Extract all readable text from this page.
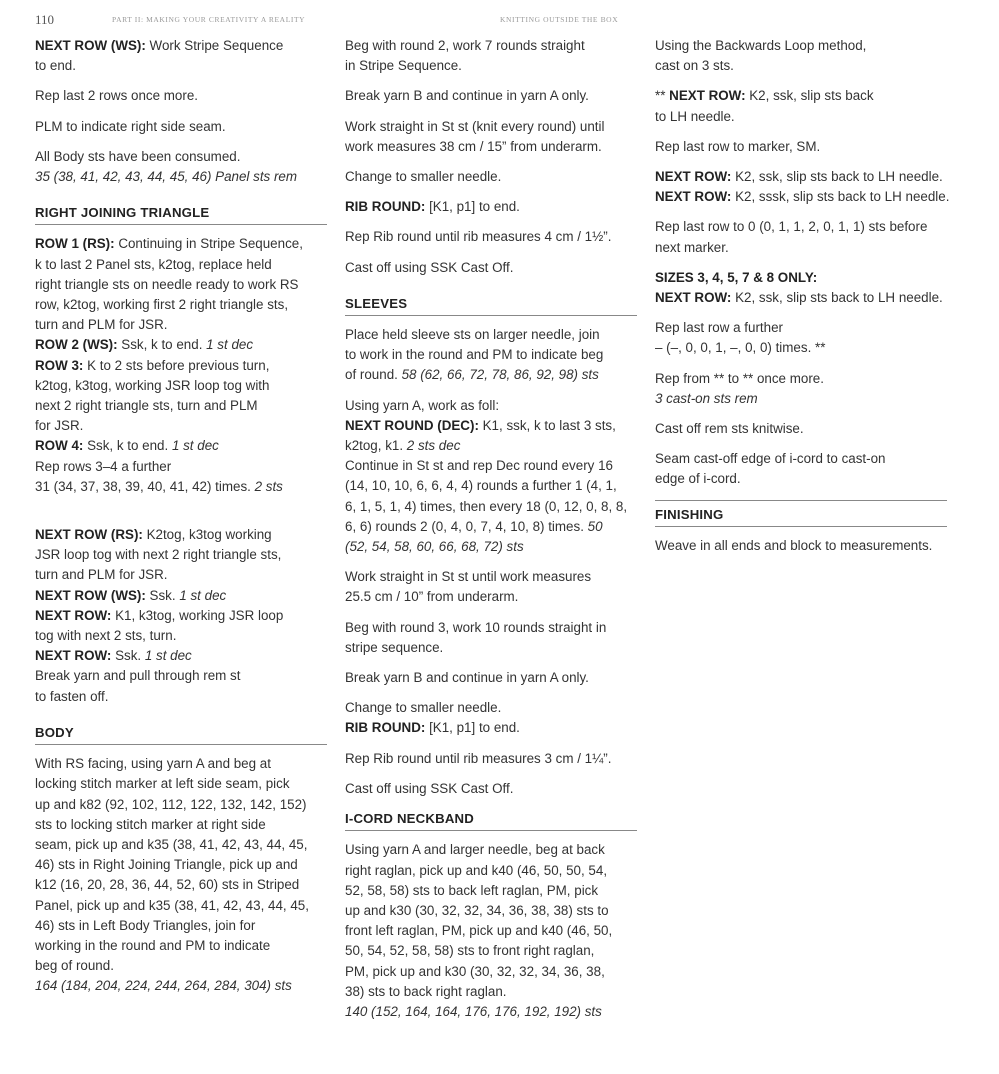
110	PART II: MAKING YOUR CREATIVITY A REALITY	KNITTING OUTSIDE THE BOX

NEXT ROW (WS): Work Stripe Sequence
to end.

Rep last 2 rows once more.

PLM to indicate right side seam.

All Body sts have been consumed.
35 (38, 41, 42, 43, 44, 45, 46) Panel sts rem

RIGHT JOINING TRIANGLE

ROW 1 (RS): Continuing in Stripe Sequence,
k to last 2 Panel sts, k2tog, replace held
right triangle sts on needle ready to work RS
row, k2tog, working first 2 right triangle sts,
turn and PLM for JSR.
ROW 2 (WS): Ssk, k to end. 1 st dec
ROW 3: K to 2 sts before previous turn,
k2tog, k3tog, working JSR loop tog with
next 2 right triangle sts, turn and PLM
for JSR.
ROW 4: Ssk, k to end. 1 st dec
Rep rows 3–4 a further
31 (34, 37, 38, 39, 40, 41, 42) times. 2 sts

NEXT ROW (RS): K2tog, k3tog working
JSR loop tog with next 2 right triangle sts,
turn and PLM for JSR.
NEXT ROW (WS): Ssk. 1 st dec
NEXT ROW: K1, k3tog, working JSR loop
tog with next 2 sts, turn.
NEXT ROW: Ssk. 1 st dec
Break yarn and pull through rem st
to fasten off.

BODY

With RS facing, using yarn A and beg at
locking stitch marker at left side seam, pick
up and k82 (92, 102, 112, 122, 132, 142, 152)
sts to locking stitch marker at right side
seam, pick up and k35 (38, 41, 42, 43, 44, 45,
46) sts in Right Joining Triangle, pick up and
k12 (16, 20, 28, 36, 44, 52, 60) sts in Striped
Panel, pick up and k35 (38, 41, 42, 43, 44, 45,
46) sts in Left Body Triangles, join for
working in the round and PM to indicate
beg of round.
164 (184, 204, 224, 244, 264, 284, 304) sts

Beg with round 2, work 7 rounds straight
in Stripe Sequence.

Break yarn B and continue in yarn A only.

Work straight in St st (knit every round) until
work measures 38 cm / 15” from underarm.

Change to smaller needle.

RIB ROUND: [K1, p1] to end.

Rep Rib round until rib measures 4 cm / 1½”.

Cast off using SSK Cast Off.

SLEEVES

Place held sleeve sts on larger needle, join
to work in the round and PM to indicate beg
of round. 58 (62, 66, 72, 78, 86, 92, 98) sts

Using yarn A, work as foll:
NEXT ROUND (DEC): K1, ssk, k to last 3 sts,
k2tog, k1. 2 sts dec
Continue in St st and rep Dec round every 16
(14, 10, 10, 6, 6, 4, 4) rounds a further 1 (4, 1,
6, 1, 5, 1, 4) times, then every 18 (0, 12, 0, 8, 8,
6, 6) rounds 2 (0, 4, 0, 7, 4, 10, 8) times. 50
(52, 54, 58, 60, 66, 68, 72) sts

Work straight in St st until work measures
25.5 cm / 10” from underarm.

Beg with round 3, work 10 rounds straight in
stripe sequence.

Break yarn B and continue in yarn A only.

Change to smaller needle.
RIB ROUND: [K1, p1] to end.

Rep Rib round until rib measures 3 cm / 1¼”.

Cast off using SSK Cast Off.

I-CORD NECKBAND

Using yarn A and larger needle, beg at back
right raglan, pick up and k40 (46, 50, 50, 54,
52, 58, 58) sts to back left raglan, PM, pick
up and k30 (30, 32, 32, 34, 36, 38, 38) sts to
front left raglan, PM, pick up and k40 (46, 50,
50, 54, 52, 58, 58) sts to front right raglan,
PM, pick up and k30 (30, 32, 32, 34, 36, 38,
38) sts to back right raglan.
140 (152, 164, 164, 176, 176, 192, 192) sts

Using the Backwards Loop method,
cast on 3 sts.

** NEXT ROW: K2, ssk, slip sts back
to LH needle.

Rep last row to marker, SM.

NEXT ROW: K2, ssk, slip sts back to LH needle.
NEXT ROW: K2, sssk, slip sts back to LH needle.

Rep last row to 0 (0, 1, 1, 2, 0, 1, 1) sts before
next marker.

SIZES 3, 4, 5, 7 & 8 ONLY:
NEXT ROW: K2, ssk, slip sts back to LH needle.

Rep last row a further
– (–, 0, 0, 1, –, 0, 0) times. **

Rep from ** to ** once more.
3 cast-on sts rem

Cast off rem sts knitwise.

Seam cast-off edge of i-cord to cast-on
edge of i-cord.

FINISHING

Weave in all ends and block to measurements.
